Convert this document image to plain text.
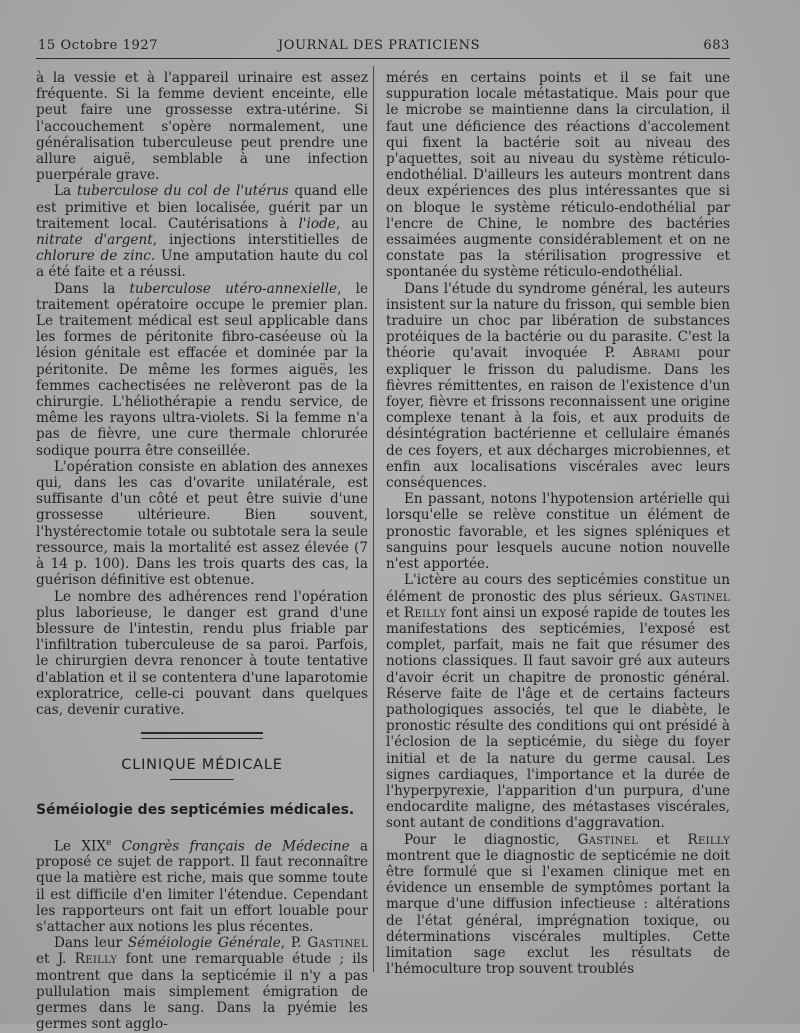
15 Octobre 1927	JOURNAL DES PRATICIENS	683

à la vessie et à l'appareil urinaire est assez fréquente. Si la femme devient enceinte, elle peut faire une grossesse extra-utérine. Si l'accouchement s'opère normalement, une généralisation tuberculeuse peut prendre une allure aiguë, semblable à une infection puerpérale grave.

La tuberculose du col de l'utérus quand elle est primitive et bien localisée, guérit par un traitement local. Cautérisations à l'iode, au nitrate d'argent, injections interstitielles de chlorure de zinc. Une amputation haute du col a été faite et a réussi.

Dans la tuberculose utéro-annexielle, le traitement opératoire occupe le premier plan. Le traitement médical est seul applicable dans les formes de péritonite fibro-caséeuse où la lésion génitale est effacée et dominée par la péritonite. De même les formes aiguës, les femmes cachectisées ne relèveront pas de la chirurgie. L'héliothérapie a rendu service, de même les rayons ultra-violets. Si la femme n'a pas de fièvre, une cure thermale chlorurée sodique pourra être conseillée.

L'opération consiste en ablation des annexes qui, dans les cas d'ovarite unilatérale, est suffisante d'un côté et peut être suivie d'une grossesse ultérieure. Bien souvent, l'hystérectomie totale ou subtotale sera la seule ressource, mais la mortalité est assez élevée (7 à 14 p. 100). Dans les trois quarts des cas, la guérison définitive est obtenue.

Le nombre des adhérences rend l'opération plus laborieuse, le danger est grand d'une blessure de l'intestin, rendu plus friable par l'infiltration tuberculeuse de sa paroi. Parfois, le chirurgien devra renoncer à toute tentative d'ablation et il se contentera d'une laparotomie exploratrice, celle-ci pouvant dans quelques cas, devenir curative.

CLINIQUE MÉDICALE

Séméiologie des septicémies médicales.

Le XIXe Congrès français de Médecine a proposé ce sujet de rapport. Il faut reconnaître que la matière est riche, mais que somme toute il est difficile d'en limiter l'étendue. Cependant les rapporteurs ont fait un effort louable pour s'attacher aux notions les plus récentes.

Dans leur Séméiologie Générale, P. Gastinel et J. Reilly font une remarquable étude ; ils montrent que dans la septicémie il n'y a pas pullulation mais simplement émigration de germes dans le sang. Dans la pyémie les germes sont agglo-

mérés en certains points et il se fait une suppuration locale métastatique. Mais pour que le microbe se maintienne dans la circulation, il faut une déficience des réactions d'accolement qui fixent la bactérie soit au niveau des p'aquettes, soit au niveau du système réticulo-endothélial. D'ailleurs les auteurs montrent dans deux expériences des plus intéressantes que si on bloque le système réticulo-endothélial par l'encre de Chine, le nombre des bactéries essaimées augmente considérablement et on ne constate pas la stérilisation progressive et spontanée du système réticulo-endothélial.

Dans l'étude du syndrome général, les auteurs insistent sur la nature du frisson, qui semble bien traduire un choc par libération de substances protéiques de la bactérie ou du parasite. C'est la théorie qu'avait invoquée P. Abrami pour expliquer le frisson du paludisme. Dans les fièvres rémittentes, en raison de l'existence d'un foyer, fièvre et frissons reconnaissent une origine complexe tenant à la fois, et aux produits de désintégration bactérienne et cellulaire émanés de ces foyers, et aux décharges microbiennes, et enfin aux localisations viscérales avec leurs conséquences.

En passant, notons l'hypotension artérielle qui lorsqu'elle se relève constitue un élément de pronostic favorable, et les signes spléniques et sanguins pour lesquels aucune notion nouvelle n'est apportée.

L'ictère au cours des septicémies constitue un élément de pronostic des plus sérieux. Gastinel et Reilly font ainsi un exposé rapide de toutes les manifestations des septicémies, l'exposé est complet, parfait, mais ne fait que résumer des notions classiques. Il faut savoir gré aux auteurs d'avoir écrit un chapitre de pronostic général. Réserve faite de l'âge et de certains facteurs pathologiques associés, tel que le diabète, le pronostic résulte des conditions qui ont présidé à l'éclosion de la septicémie, du siège du foyer initial et de la nature du germe causal. Les signes cardiaques, l'importance et la durée de l'hyperpyrexie, l'apparition d'un purpura, d'une endocardite maligne, des métastases viscérales, sont autant de conditions d'aggravation.

Pour le diagnostic, Gastinel et Reilly montrent que le diagnostic de septicémie ne doit être formulé que si l'examen clinique met en évidence un ensemble de symptômes portant la marque d'une diffusion infectieuse : altérations de l'état général, imprégnation toxique, ou déterminations viscérales multiples. Cette limitation sage exclut les résultats de l'hémoculture trop souvent troublés
